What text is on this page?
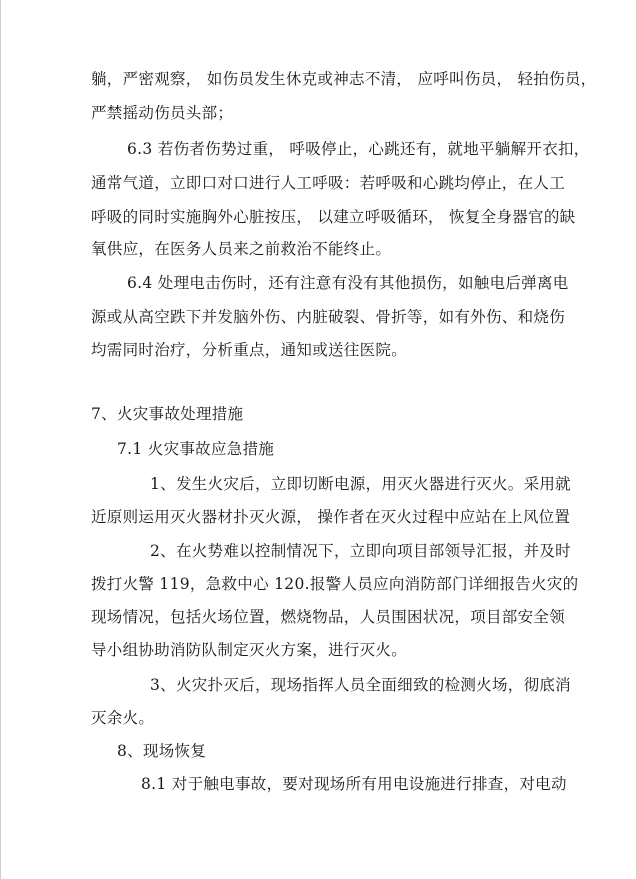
躺，严密观察， 如伤员发生休克或神志不清， 应呼叫伤员， 轻拍伤员，
严禁摇动伤员头部；
6.3 若伤者伤势过重， 呼吸停止，心跳还有，就地平躺解开衣扣，
通常气道，立即口对口进行人工呼吸：若呼吸和心跳均停止，在人工
呼吸的同时实施胸外心脏按压， 以建立呼吸循环， 恢复全身器官的缺
氧供应，在医务人员来之前救治不能终止。
6.4 处理电击伤时，还有注意有没有其他损伤，如触电后弹离电
源或从高空跌下并发脑外伤、内脏破裂、骨折等，如有外伤、和烧伤
均需同时治疗，分析重点，通知或送往医院。
7、火灾事故处理措施
7.1 火灾事故应急措施
1、发生火灾后，立即切断电源，用灭火器进行灭火。采用就
近原则运用灭火器材扑灭火源， 操作者在灭火过程中应站在上风位置
2、在火势难以控制情况下，立即向项目部领导汇报，并及时
拨打火警 119，急救中心 120.报警人员应向消防部门详细报告火灾的
现场情况，包括火场位置，燃烧物品，人员围困状况，项目部安全领
导小组协助消防队制定灭火方案，进行灭火。
3、火灾扑灭后，现场指挥人员全面细致的检测火场，彻底消
灭余火。
8、现场恢复
8.1 对于触电事故，要对现场所有用电设施进行排查，对电动
